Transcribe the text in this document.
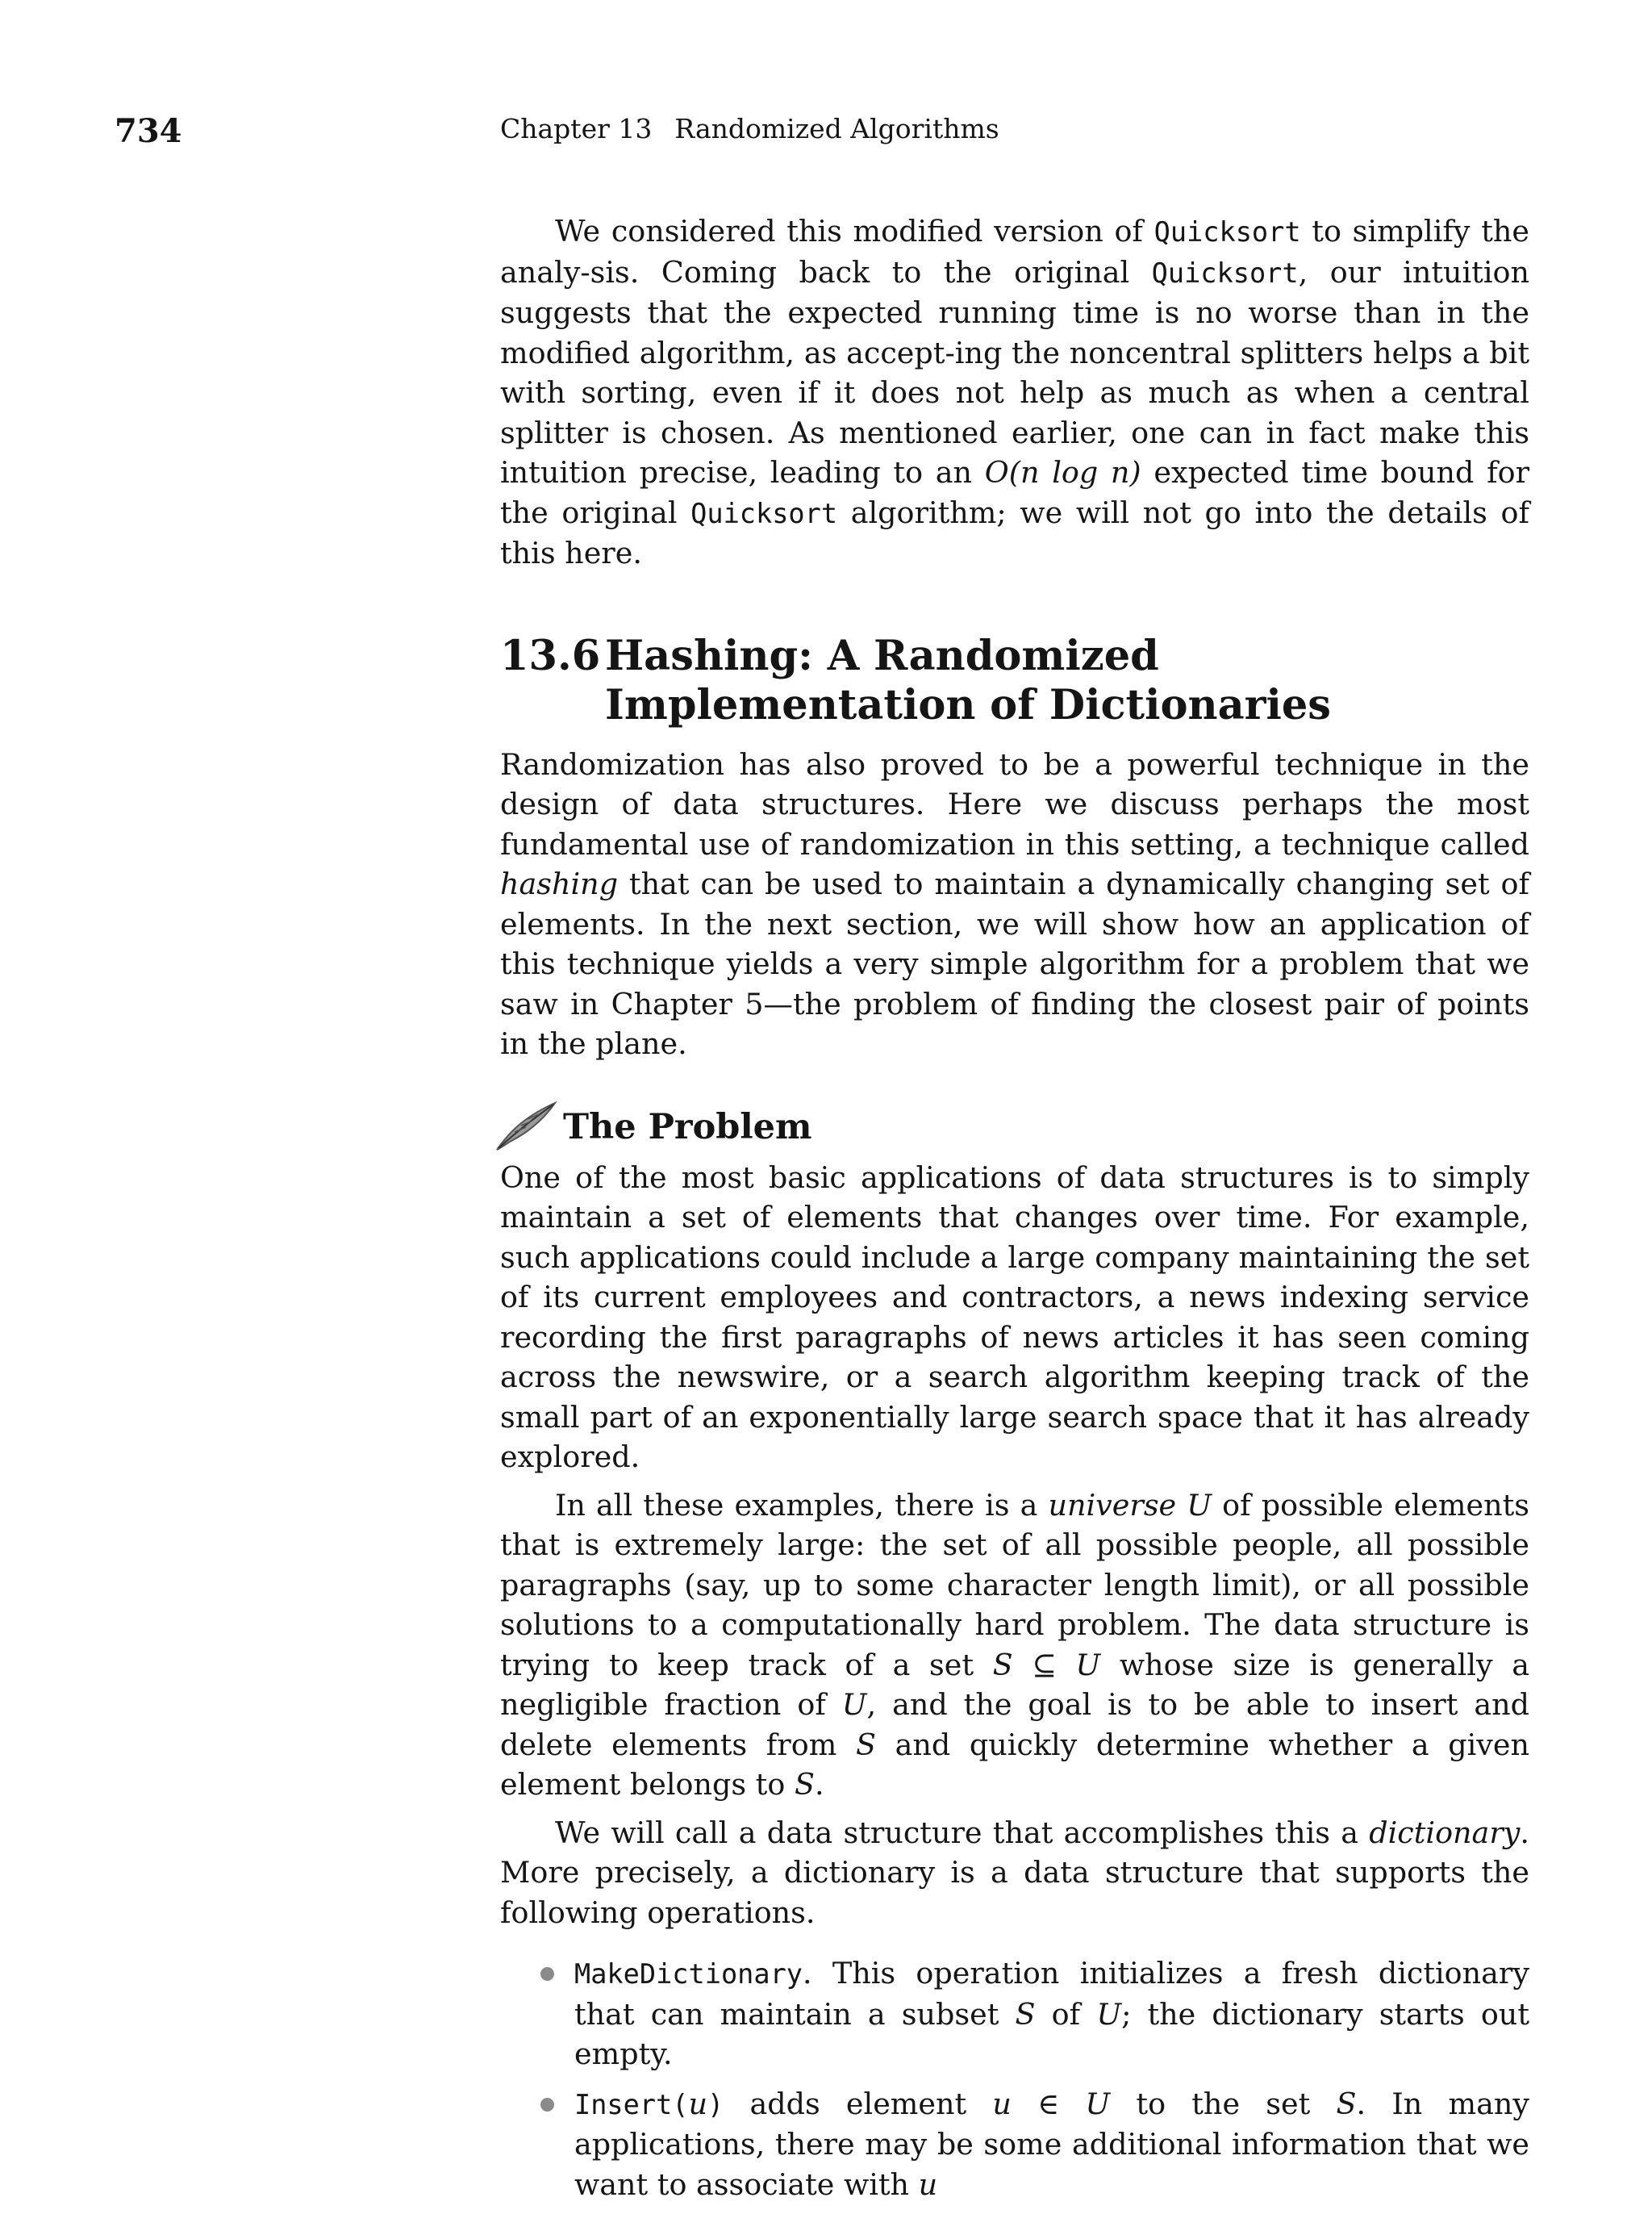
734	Chapter 13 Randomized Algorithms

We considered this modified version of Quicksort to simplify the analy-sis. Coming back to the original Quicksort, our intuition suggests that the expected running time is no worse than in the modified algorithm, as accept-ing the noncentral splitters helps a bit with sorting, even if it does not help as much as when a central splitter is chosen. As mentioned earlier, one can in fact make this intuition precise, leading to an O(n log n) expected time bound for the original Quicksort algorithm; we will not go into the details of this here.

13.6 Hashing: A Randomized Implementation of Dictionaries

Randomization has also proved to be a powerful technique in the design of data structures. Here we discuss perhaps the most fundamental use of randomization in this setting, a technique called hashing that can be used to maintain a dynamically changing set of elements. In the next section, we will show how an application of this technique yields a very simple algorithm for a problem that we saw in Chapter 5—the problem of finding the closest pair of points in the plane.

The Problem

One of the most basic applications of data structures is to simply maintain a set of elements that changes over time. For example, such applications could include a large company maintaining the set of its current employees and contractors, a news indexing service recording the first paragraphs of news articles it has seen coming across the newswire, or a search algorithm keeping track of the small part of an exponentially large search space that it has already explored.

In all these examples, there is a universe U of possible elements that is extremely large: the set of all possible people, all possible paragraphs (say, up to some character length limit), or all possible solutions to a computationally hard problem. The data structure is trying to keep track of a set S ⊆ U whose size is generally a negligible fraction of U, and the goal is to be able to insert and delete elements from S and quickly determine whether a given element belongs to S.

We will call a data structure that accomplishes this a dictionary. More precisely, a dictionary is a data structure that supports the following operations.

MakeDictionary. This operation initializes a fresh dictionary that can maintain a subset S of U; the dictionary starts out empty.
Insert(u) adds element u ∈ U to the set S. In many applications, there may be some additional information that we want to associate with u
